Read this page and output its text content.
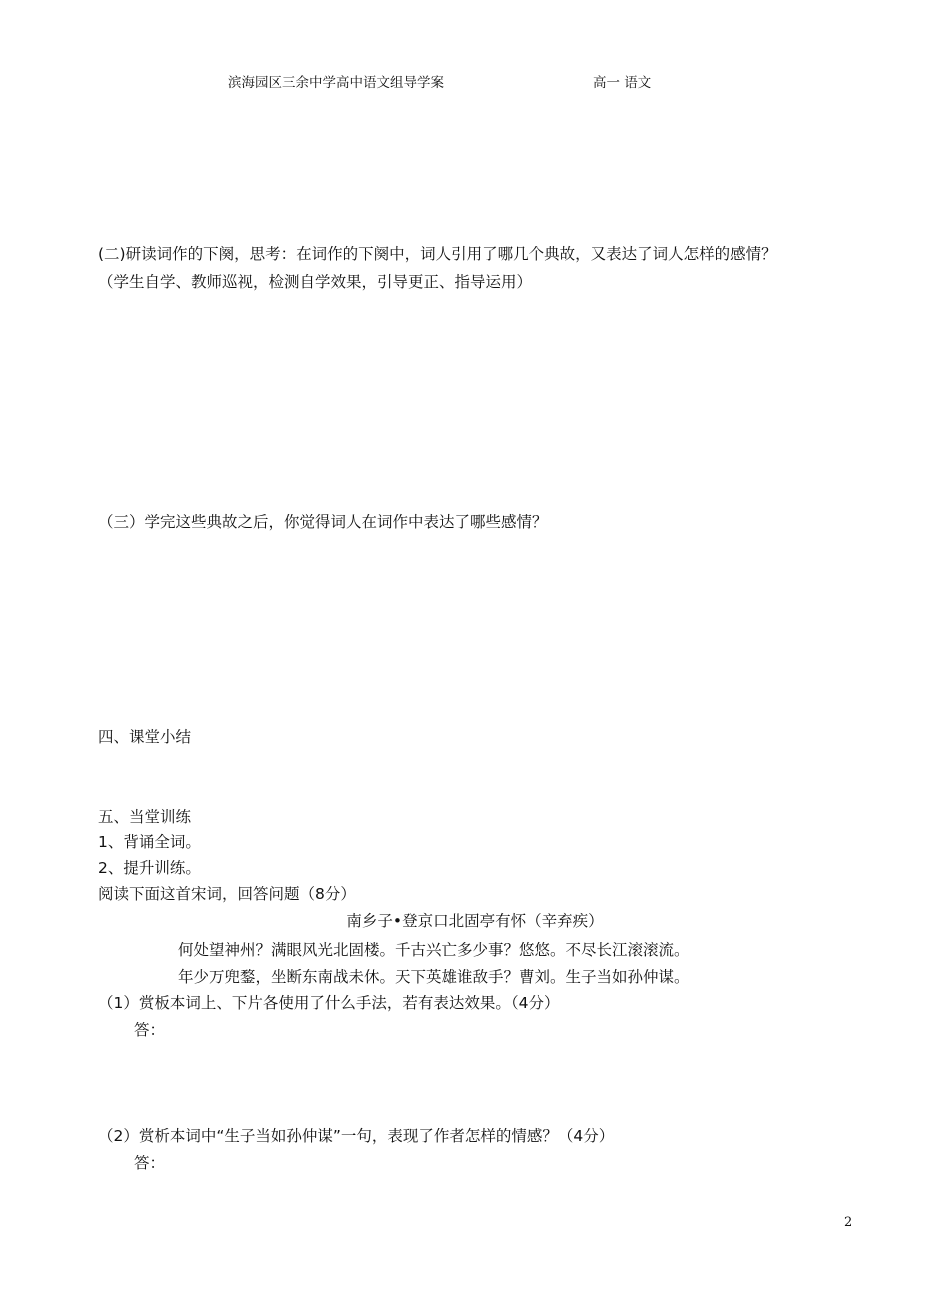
滨海园区三余中学高中语文组导学案	高一 语文
(二)研读词作的下阕，思考：在词作的下阕中，词人引用了哪几个典故，又表达了词人怎样的感情？
（学生自学、教师巡视，检测自学效果，引导更正、指导运用）
（三）学完这些典故之后，你觉得词人在词作中表达了哪些感情？
四、课堂小结
五、当堂训练
1、背诵全词。
2、提升训练。
阅读下面这首宋词，回答问题（8分）
南乡子•登京口北固亭有怀（辛弃疾）
何处望神州？满眼风光北固楼。千古兴亡多少事？悠悠。不尽长江滚滚流。
年少万兜鍪，坐断东南战未休。天下英雄谁敌手？曹刘。生子当如孙仲谋。
（1）赏板本词上、下片各使用了什么手法，若有表达效果。（4分）
答：
（2）赏析本词中“生子当如孙仲谋”一句，表现了作者怎样的情感？（4分）
答：
2
